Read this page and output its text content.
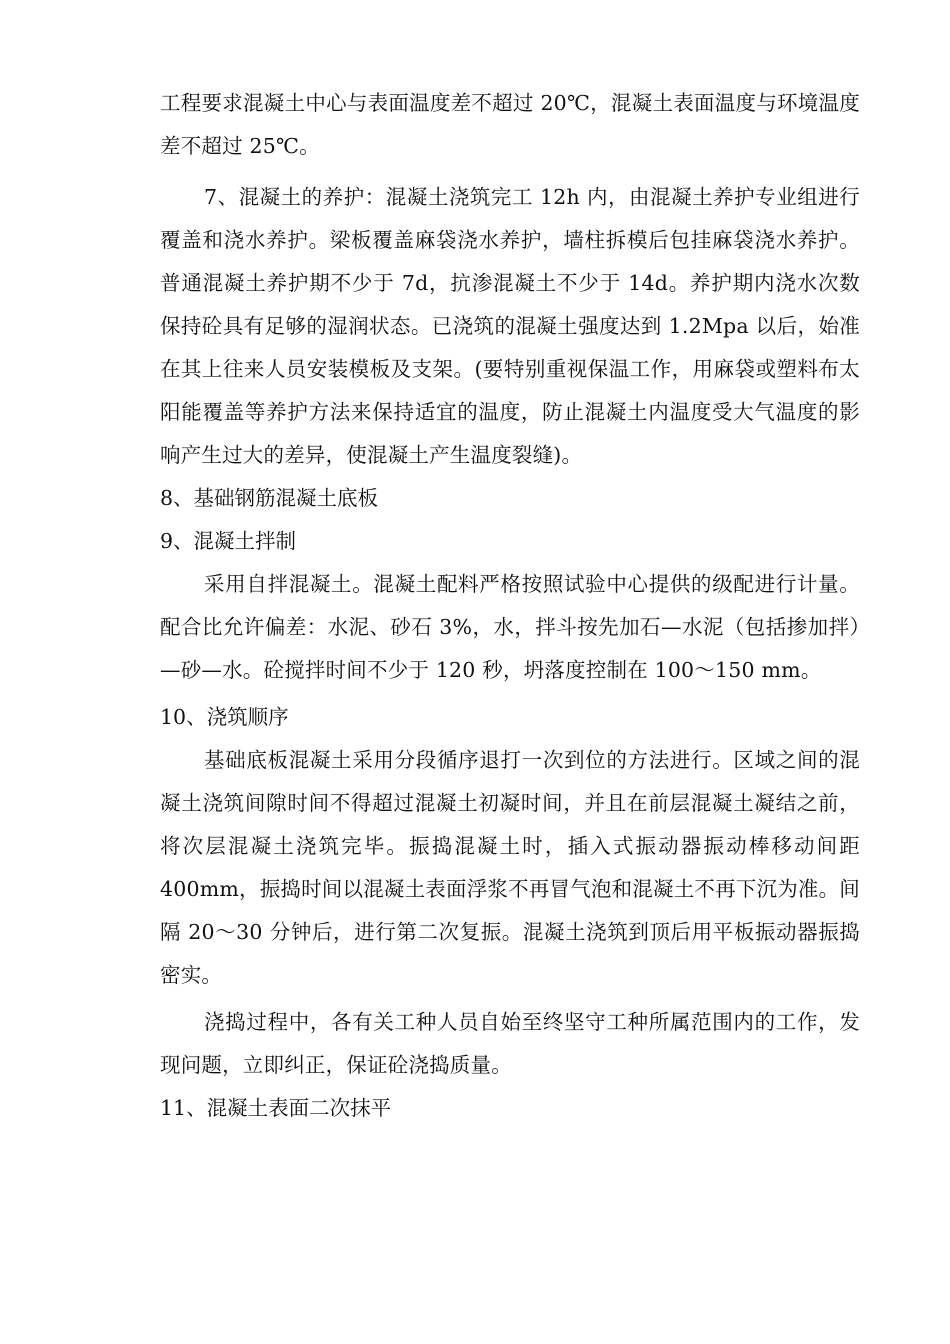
工程要求混凝土中心与表面温度差不超过 20℃，混凝土表面温度与环境温度差不超过 25℃。

7、混凝土的养护：混凝土浇筑完工 12h 内，由混凝土养护专业组进行覆盖和浇水养护。梁板覆盖麻袋浇水养护，墙柱拆模后包挂麻袋浇水养护。普通混凝土养护期不少于 7d，抗渗混凝土不少于 14d。养护期内浇水次数保持砼具有足够的湿润状态。已浇筑的混凝土强度达到 1.2Mpa 以后，始准在其上往来人员安装模板及支架。(要特别重视保温工作，用麻袋或塑料布太阳能覆盖等养护方法来保持适宜的温度，防止混凝土内温度受大气温度的影响产生过大的差异，使混凝土产生温度裂缝)。

8、基础钢筋混凝土底板

9、混凝土拌制

采用自拌混凝土。混凝土配料严格按照试验中心提供的级配进行计量。配合比允许偏差：水泥、砂石 3%，水，拌斗按先加石—水泥（包括掺加拌）—砂—水。砼搅拌时间不少于 120 秒，坍落度控制在 100～150 mm。

10、浇筑顺序

基础底板混凝土采用分段循序退打一次到位的方法进行。区域之间的混凝土浇筑间隙时间不得超过混凝土初凝时间，并且在前层混凝土凝结之前，将次层混凝土浇筑完毕。振捣混凝土时，插入式振动器振动棒移动间距 400mm，振捣时间以混凝土表面浮浆不再冒气泡和混凝土不再下沉为准。间隔 20～30 分钟后，进行第二次复振。混凝土浇筑到顶后用平板振动器振捣密实。

浇捣过程中，各有关工种人员自始至终坚守工种所属范围内的工作，发现问题，立即纠正，保证砼浇捣质量。

11、混凝土表面二次抹平
